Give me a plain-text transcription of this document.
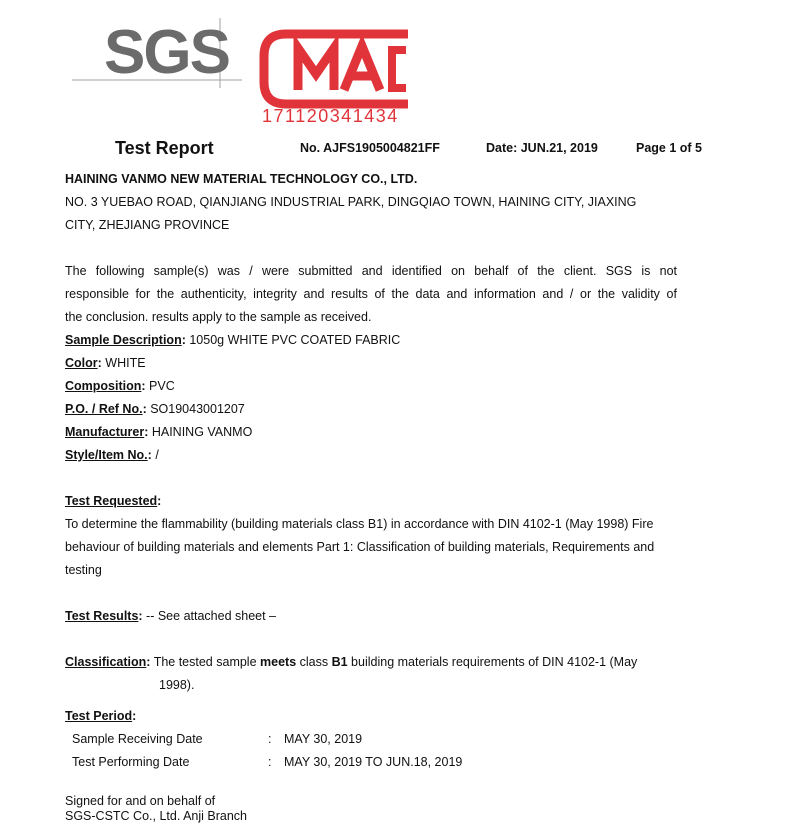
SGS
171120341434
Test Report	No. AJFS1905004821FF	Date: JUN.21, 2019	Page 1 of 5
HAINING VANMO NEW MATERIAL TECHNOLOGY CO., LTD.
NO. 3 YUEBAO ROAD, QIANJIANG INDUSTRIAL PARK, DINGQIAO TOWN, HAINING CITY, JIAXING
CITY, ZHEJIANG PROVINCE
The following sample(s) was / were submitted and identified on behalf of the client. SGS is not
responsible for the authenticity, integrity and results of the data and information and / or the validity of
the conclusion. results apply to the sample as received.
Sample Description: 1050g WHITE PVC COATED FABRIC
Color: WHITE
Composition: PVC
P.O. / Ref No.: SO19043001207
Manufacturer: HAINING VANMO
Style/Item No.: /
Test Requested:
To determine the flammability (building materials class B1) in accordance with DIN 4102-1 (May 1998) Fire
behaviour of building materials and elements Part 1: Classification of building materials, Requirements and
testing
Test Results: -- See attached sheet –
Classification: The tested sample meets class B1 building materials requirements of DIN 4102-1 (May
1998).
Test Period:
Sample Receiving Date	: MAY 30, 2019
Test Performing Date	: MAY 30, 2019 TO JUN.18, 2019
Signed for and on behalf of
SGS-CSTC Co., Ltd. Anji Branch
